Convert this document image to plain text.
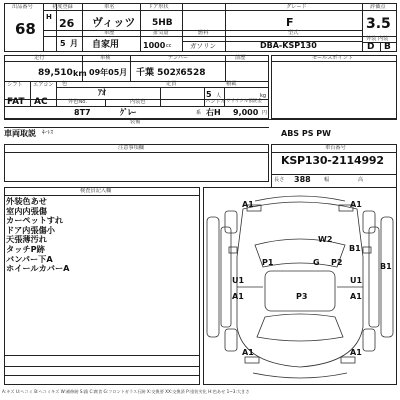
出品番号
68
初度登録
H 26
5 月
車名
ヴィッツ
ドア形状
5HB
グレード
F
評価点
3.5
車歴
自家用
排気量
1000 cc
燃料
ガソリン
型式
DBA-KSP130
外装 内装
D B
セールスポイント
走行
89,510 km
車検
09年05月
ナンバー
千葉 502ﾇ6528
前歴
シフト
FAT
エアコン
AC
色
ｱｵ
定員
5 人
積載
kg
外色No.
8T7
内装色
ｸﾞﾚｰ	系
ハンドル
右H
リサイクル預託金
9,000 円
装備
車両取説 ｷｰﾚｽ	ABS PS PW
注意事項欄	車台番号
KSP130-2114992
長さ 388	幅	高
検査員記入欄
外装色あせ
室内内張傷
カーペットすれ
ドア内張傷小
天張薄汚れ
タッチP跡
バンパー下A
ホイールカバーA
A1	A1
W2
B1
P1	G P2	B1
U1	U1
A1	P3	A1
A1	A1
A:キズ U:ヘコミ B:ヘコミキズ W:補修跡 S:錆 C:腐食 G:フロントガラス石跡 X:交換要 XX:交換済 P:塗装劣化 H:色あせ 1~3:大きさ
